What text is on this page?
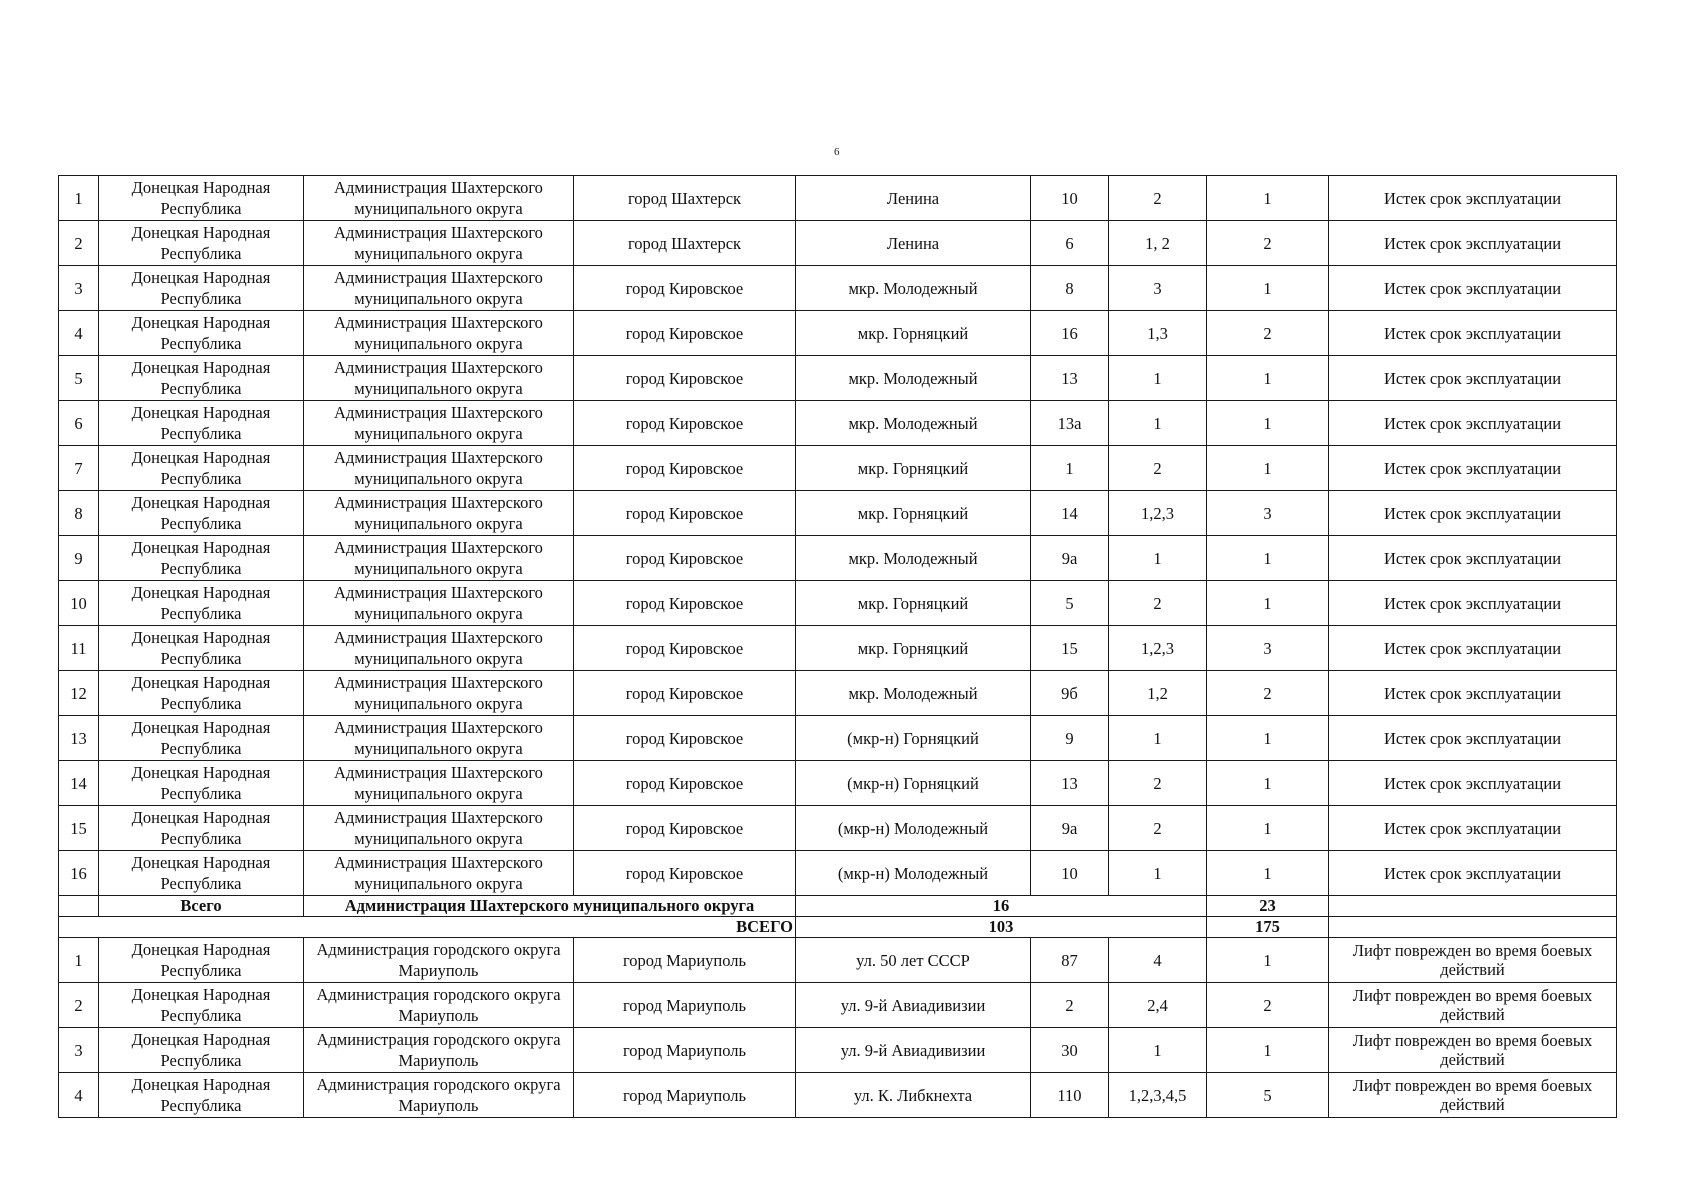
6
1	Донецкая Народная Республика	Администрация Шахтерского муниципального округа	город Шахтерск	Ленина	10	2	1	Истек срок эксплуатации
2	Донецкая Народная Республика	Администрация Шахтерского муниципального округа	город Шахтерск	Ленина	6	1, 2	2	Истек срок эксплуатации
3	Донецкая Народная Республика	Администрация Шахтерского муниципального округа	город Кировское	мкр. Молодежный	8	3	1	Истек срок эксплуатации
4	Донецкая Народная Республика	Администрация Шахтерского муниципального округа	город Кировское	мкр. Горняцкий	16	1,3	2	Истек срок эксплуатации
5	Донецкая Народная Республика	Администрация Шахтерского муниципального округа	город Кировское	мкр. Молодежный	13	1	1	Истек срок эксплуатации
6	Донецкая Народная Республика	Администрация Шахтерского муниципального округа	город Кировское	мкр. Молодежный	13а	1	1	Истек срок эксплуатации
7	Донецкая Народная Республика	Администрация Шахтерского муниципального округа	город Кировское	мкр. Горняцкий	1	2	1	Истек срок эксплуатации
8	Донецкая Народная Республика	Администрация Шахтерского муниципального округа	город Кировское	мкр. Горняцкий	14	1,2,3	3	Истек срок эксплуатации
9	Донецкая Народная Республика	Администрация Шахтерского муниципального округа	город Кировское	мкр. Молодежный	9а	1	1	Истек срок эксплуатации
10	Донецкая Народная Республика	Администрация Шахтерского муниципального округа	город Кировское	мкр. Горняцкий	5	2	1	Истек срок эксплуатации
11	Донецкая Народная Республика	Администрация Шахтерского муниципального округа	город Кировское	мкр. Горняцкий	15	1,2,3	3	Истек срок эксплуатации
12	Донецкая Народная Республика	Администрация Шахтерского муниципального округа	город Кировское	мкр. Молодежный	9б	1,2	2	Истек срок эксплуатации
13	Донецкая Народная Республика	Администрация Шахтерского муниципального округа	город Кировское	(мкр-н) Горняцкий	9	1	1	Истек срок эксплуатации
14	Донецкая Народная Республика	Администрация Шахтерского муниципального округа	город Кировское	(мкр-н) Горняцкий	13	2	1	Истек срок эксплуатации
15	Донецкая Народная Республика	Администрация Шахтерского муниципального округа	город Кировское	(мкр-н) Молодежный	9а	2	1	Истек срок эксплуатации
16	Донецкая Народная Республика	Администрация Шахтерского муниципального округа	город Кировское	(мкр-н) Молодежный	10	1	1	Истек срок эксплуатации
	Всего	Администрация Шахтерского муниципального округа		16			23	
ВСЕГО				103			175	
1	Донецкая Народная Республика	Администрация городского округа Мариуполь	город Мариуполь	ул. 50 лет СССР	87	4	1	Лифт поврежден во время боевых действий
2	Донецкая Народная Республика	Администрация городского округа Мариуполь	город Мариуполь	ул. 9-й Авиадивизии	2	2,4	2	Лифт поврежден во время боевых действий
3	Донецкая Народная Республика	Администрация городского округа Мариуполь	город Мариуполь	ул. 9-й Авиадивизии	30	1	1	Лифт поврежден во время боевых действий
4	Донецкая Народная Республика	Администрация городского округа Мариуполь	город Мариуполь	ул. К. Либкнехта	110	1,2,3,4,5	5	Лифт поврежден во время боевых действий
